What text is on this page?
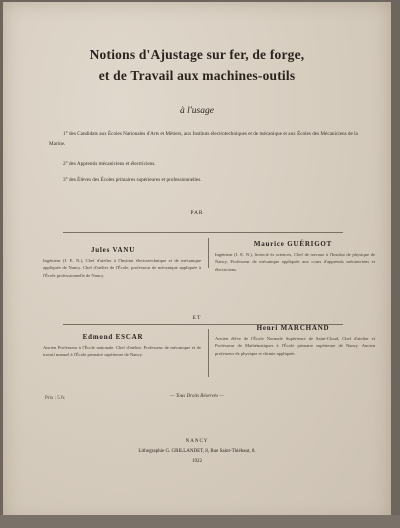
Notions d'Ajustage sur fer, de forge,
et de Travail aux machines-outils
à l'usage
1° des Candidats aux Écoles Nationales d'Arts et Métiers, aux Instituts électrotechniques et de mécanique et aux Écoles des Mécaniciens de la Marine.
2° des Apprentis mécaniciens et électriciens.
3° des Élèves des Écoles primaires supérieures et professionnelles.
PAR
Jules VANU
Ingénieur (I. E. N.), Chef d'atelier à l'Institut électrotechnique et de mécanique appliquée de Nancy. Chef d'atelier de l'École, professeur de mécanique appliquée à l'École professionnelle de Nancy.
Maurice GUÉRIGOT
Ingénieur (I. E. N.), licencié ès sciences, Chef de travaux à l'Institut de physique de Nancy, Professeur de mécanique appliquée aux cours d'apprentis mécaniciens et électriciens.
ET
Edmond ESCAR
Ancien Professeur à l'École nationale. Chef d'atelier. Professeur de mécanique et de travail manuel à l'École primaire supérieure de Nancy.
Henri MARCHAND
Ancien élève de l'École Normale Supérieure de Saint-Cloud, Chef d'atelier et Professeur de Mathématiques à l'École primaire supérieure de Nancy. Ancien professeur de physique et chimie appliquée.
Prix : 5 fr.	— Tous Droits Réservés —
NANCY
Lithographie G. GRILLANDET, 8, Rue Saint-Thiébaut, 8.
1922
